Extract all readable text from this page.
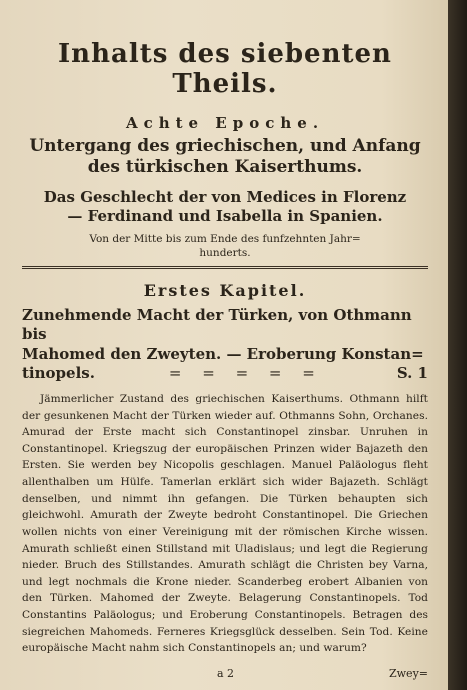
Inhalts des siebenten Theils.
Achte Epoche.
Untergang des griechischen, und Anfang
des türkischen Kaiserthums.
Das Geschlecht der von Medices in Florenz
— Ferdinand und Isabella in Spanien.
Von der Mitte bis zum Ende des funfzehnten Jahr=
hunderts.
Erstes Kapitel.
Zunehmende Macht der Türken, von Othmann bis
Mahomed den Zweyten. — Eroberung Konstan=
tinopels.	= = = = =	S. 1

Jämmerlicher Zustand des griechischen Kaiserthums. Othmann hilft der gesunkenen Macht der Türken wieder auf. Othmanns Sohn, Orchanes. Amurad der Erste macht sich Constantinopel zinsbar. Unruhen in Constantinopel. Kriegszug der europäischen Prinzen wider Bajazeth den Ersten. Sie werden bey Nicopolis geschlagen. Manuel Paläologus fleht allenthalben um Hülfe. Tamerlan erklärt sich wider Bajazeth. Schlägt denselben, und nimmt ihn gefangen. Die Türken behaupten sich gleichwohl. Amurath der Zweyte bedroht Constantinopel. Die Griechen wollen nichts von einer Vereinigung mit der römischen Kirche wissen. Amurath schließt einen Stillstand mit Uladislaus; und legt die Regierung nieder. Bruch des Stillstandes. Amurath schlägt die Christen bey Varna, und legt nochmals die Krone nieder. Scanderbeg erobert Albanien von den Türken. Mahomed der Zweyte. Belagerung Constantinopels. Tod Constantins Paläologus; und Eroberung Constantinopels. Betragen des siegreichen Mahomeds. Ferneres Kriegsglück desselben. Sein Tod. Keine europäische Macht nahm sich Constantinopels an; und warum?

a 2	Zwey=
